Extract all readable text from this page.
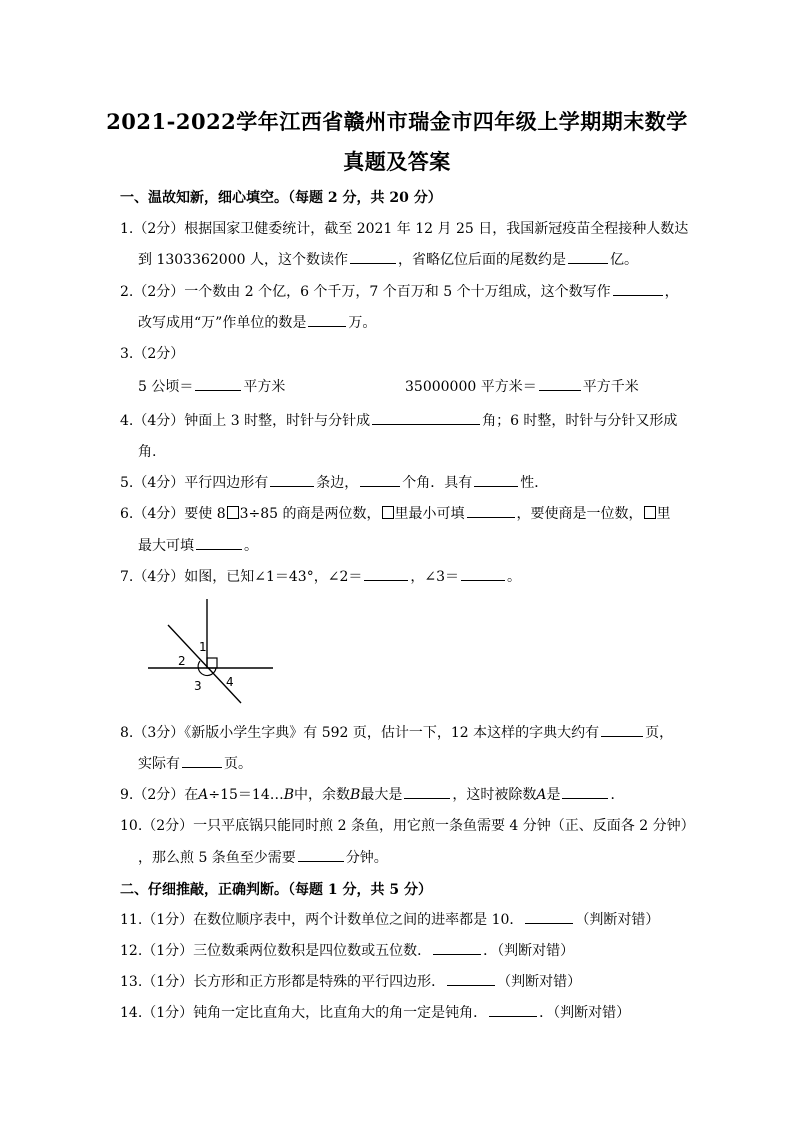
2021-2022学年江西省赣州市瑞金市四年级上学期期末数学
真题及答案
一、温故知新，细心填空。（每题 2 分，共 20 分）
1.（2分）根据国家卫健委统计，截至 2021 年 12 月 25 日，我国新冠疫苗全程接种人数达
到 1303362000 人，这个数读作	，省略亿位后面的尾数约是	亿。
2.（2分）一个数由 2 个亿，6 个千万，7 个百万和 5 个十万组成，这个数写作	，
改写成用“万”作单位的数是	万。
3.（2分）
5 公顷＝	平方米	35000000 平方米＝	平方千米
4.（4分）钟面上 3 时整，时针与分针成	角；6 时整，时针与分针又形成
角.
5.（4分）平行四边形有	条边，	个角．具有	性．
6.（4分）要使 8 3÷85 的商是两位数， 里最小可填	，要使商是一位数， 里
最大可填	。
7.（4分）如图，已知∠1＝43°，∠2＝	，∠3＝	。
1
2
3 4
8.（3分）《新版小学生字典》有 592 页，估计一下，12 本这样的字典大约有	页，
实际有	页。
9.（2分）在A÷15＝14…B中，余数B最大是	，这时被除数A是	．
10.（2分）一只平底锅只能同时煎 2 条鱼，用它煎一条鱼需要 4 分钟（正、反面各 2 分钟）
，那么煎 5 条鱼至少需要	分钟。
二、仔细推敲，正确判断。（每题 1 分，共 5 分）
11.（1分）在数位顺序表中，两个计数单位之间的进率都是 10．	（判断对错）
12.（1分）三位数乘两位数积是四位数或五位数．	．（判断对错）
13.（1分）长方形和正方形都是特殊的平行四边形．	（判断对错）
14.（1分）钝角一定比直角大，比直角大的角一定是钝角．	．（判断对错）
